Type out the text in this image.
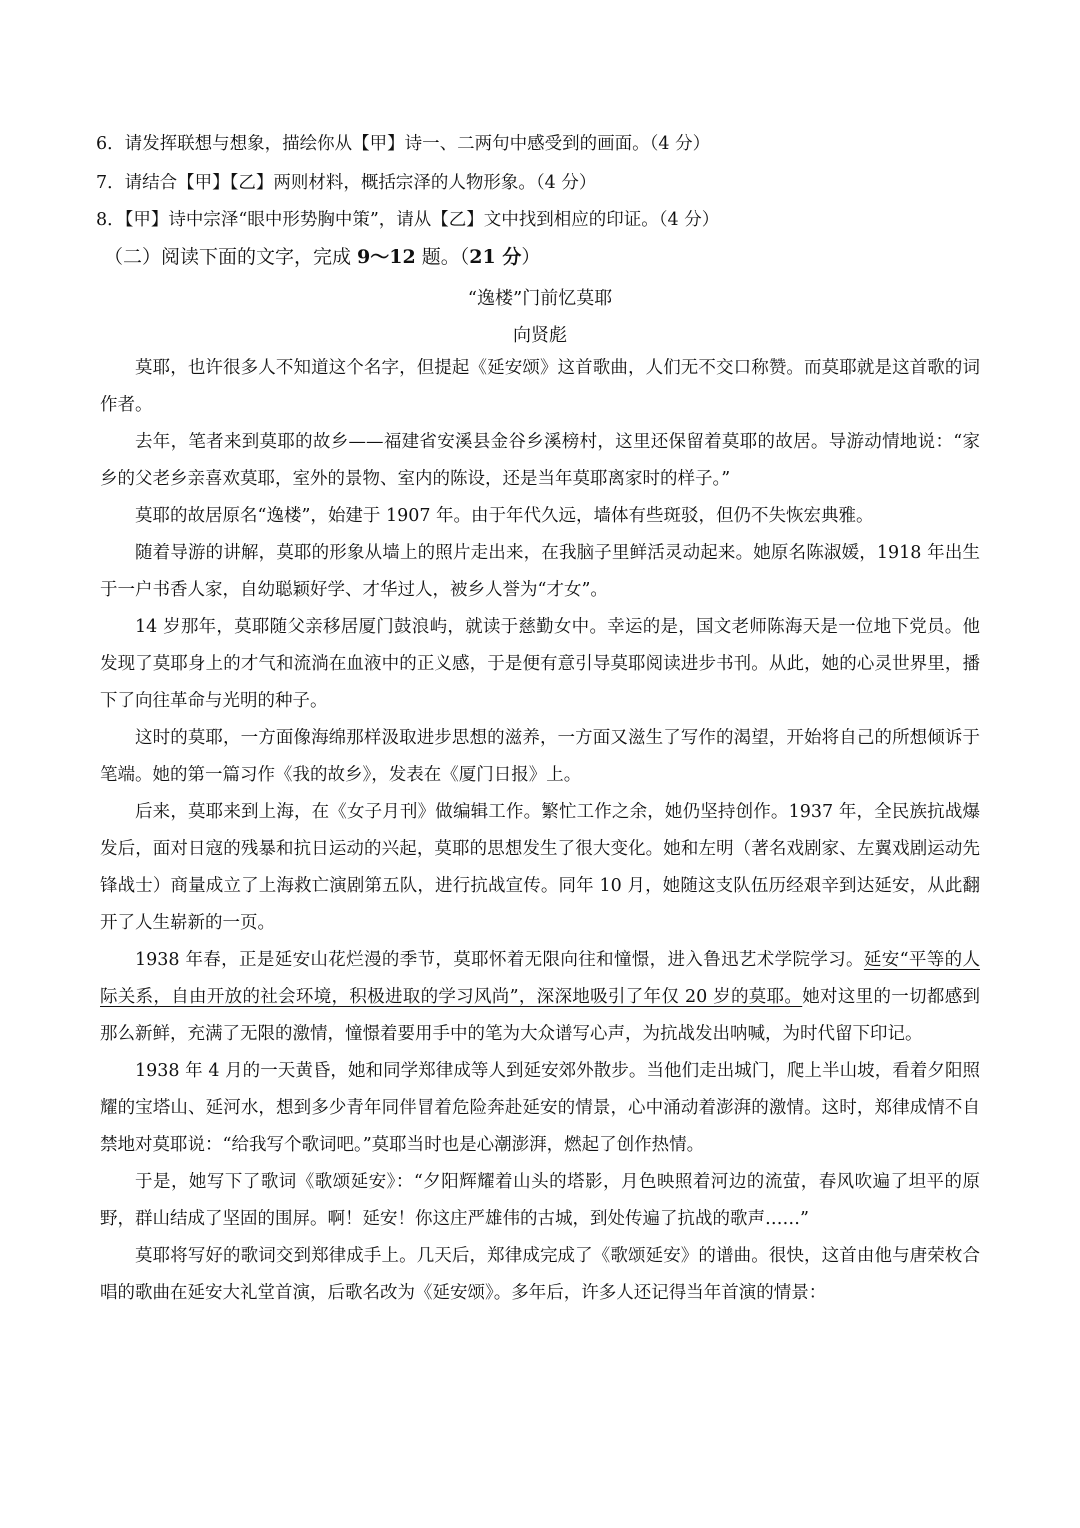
6．请发挥联想与想象，描绘你从【甲】诗一、二两句中感受到的画面。（4 分）
7．请结合【甲】【乙】两则材料，概括宗泽的人物形象。（4 分）
8．【甲】诗中宗泽“眼中形势胸中策”，请从【乙】文中找到相应的印证。（4 分）
（二）阅读下面的文字，完成 9～12 题。（21 分）
“逸楼”门前忆莫耶
向贤彪

莫耶，也许很多人不知道这个名字，但提起《延安颂》这首歌曲，人们无不交口称赞。而莫耶就是这首歌的词作者。

去年，笔者来到莫耶的故乡——福建省安溪县金谷乡溪榜村，这里还保留着莫耶的故居。导游动情地说：“家乡的父老乡亲喜欢莫耶，室外的景物、室内的陈设，还是当年莫耶离家时的样子。”

莫耶的故居原名“逸楼”，始建于 1907 年。由于年代久远，墙体有些斑驳，但仍不失恢宏典雅。

随着导游的讲解，莫耶的形象从墙上的照片走出来，在我脑子里鲜活灵动起来。她原名陈淑媛，1918 年出生于一户书香人家，自幼聪颖好学、才华过人，被乡人誉为“才女”。

14 岁那年，莫耶随父亲移居厦门鼓浪屿，就读于慈勤女中。幸运的是，国文老师陈海天是一位地下党员。他发现了莫耶身上的才气和流淌在血液中的正义感，于是便有意引导莫耶阅读进步书刊。从此，她的心灵世界里，播下了向往革命与光明的种子。

这时的莫耶，一方面像海绵那样汲取进步思想的滋养，一方面又滋生了写作的渴望，开始将自己的所想倾诉于笔端。她的第一篇习作《我的故乡》，发表在《厦门日报》上。

后来，莫耶来到上海，在《女子月刊》做编辑工作。繁忙工作之余，她仍坚持创作。1937 年，全民族抗战爆发后，面对日寇的残暴和抗日运动的兴起，莫耶的思想发生了很大变化。她和左明（著名戏剧家、左翼戏剧运动先锋战士）商量成立了上海救亡演剧第五队，进行抗战宣传。同年 10 月，她随这支队伍历经艰辛到达延安，从此翻开了人生崭新的一页。

1938 年春，正是延安山花烂漫的季节，莫耶怀着无限向往和憧憬，进入鲁迅艺术学院学习。延安“平等的人际关系，自由开放的社会环境，积极进取的学习风尚”，深深地吸引了年仅 20 岁的莫耶。她对这里的一切都感到那么新鲜，充满了无限的激情，憧憬着要用手中的笔为大众谱写心声，为抗战发出呐喊，为时代留下印记。

1938 年 4 月的一天黄昏，她和同学郑律成等人到延安郊外散步。当他们走出城门，爬上半山坡，看着夕阳照耀的宝塔山、延河水，想到多少青年同伴冒着危险奔赴延安的情景，心中涌动着澎湃的激情。这时，郑律成情不自禁地对莫耶说：“给我写个歌词吧。”莫耶当时也是心潮澎湃，燃起了创作热情。

于是，她写下了歌词《歌颂延安》：“夕阳辉耀着山头的塔影，月色映照着河边的流萤，春风吹遍了坦平的原野，群山结成了坚固的围屏。啊！延安！你这庄严雄伟的古城，到处传遍了抗战的歌声……”

莫耶将写好的歌词交到郑律成手上。几天后，郑律成完成了《歌颂延安》的谱曲。很快，这首由他与唐荣枚合唱的歌曲在延安大礼堂首演，后歌名改为《延安颂》。多年后，许多人还记得当年首演的情景：
